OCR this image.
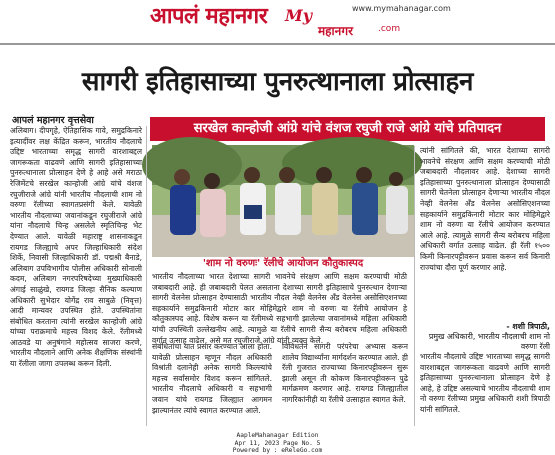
आपलं महानगर My	www.mymahanagar.com
महानगर	.com
सागरी इतिहासाच्या पुनरुत्थानाला प्रोत्साहन
आपलं महानगर वृत्तसेवा
सरखेल कान्होजी आंग्रे यांचे वंशज रघुजी राजे आंग्रे यांचे प्रतिपादन
अलिबाग। दीपगृहे, ऐतिहासिक गावे, समुद्रकिनारे इत्यादींवर लक्ष केंद्रित करून, भारतीय नौदलाचे उद्दिष्ट भारताच्या समृद्ध सागरी वारशाबद्दल जागरूकता वाढवणे आणि सागरी इतिहासाच्या पुनरुत्थानाला प्रोत्साहन देणे हे आहे असे मराठा रेजिमेंटचे सरखेल कान्होजी आंग्रे यांचे वंशज रघुजीराजे आंग्रे यांनी भारतीय नौदलाची शाम नो वरुणः रॅलीच्या स्वागतप्रसंगी केले. यावेळी भारतीय नौदलाच्या जवानांकडून रघुजीराजे आंग्रे यांना नौदलाचे चिन्ह असलेले स्मृतिचिन्ह भेट देण्यात आले. यावेळी महाराष्ट्र शासनाकडून रायगड जिल्ह्याचे अपर जिल्हाधिकारी संदेश शिर्के, निवासी जिल्हाधिकारी डॉ. पद्मश्री बैनाडे, अलिबाग उपविभागीय पोलीस अधिकारी सोनाली कदम, अलिबाग नगरपरिषदेच्या मुख्याधिकारी अंगाई साळुंखे, रायगड जिल्हा सैनिक कल्याण अधिकारी सुभेदार योगेंद्र राव साबुळे (निवृत्त) आदी मान्यवर उपस्थित होते. उपस्थितांना संबोधित करताना त्यांनी सरखेल कान्होजी आंग्रे यांच्या पराक्रमाचे महत्त्व विशद केले. रॅलीमध्ये आठवडे या अनुषंगाने महोत्सव साजरा करणे, भारतीय नौदलाने आणि अनेक शैक्षणिक संस्थांनी या रॅलीला जागा उपलब्ध करून दिली.
'शाम नो वरुणः' रॅलीचे आयोजन कौतुकास्पद
भारतीय नौदलाच्या भारत देशाच्या सागरी भावनेचे संरक्षण आणि सक्षम करण्याची मोठी जबाबदारी आहे. ही जबाबदारी पेलत असताना देशाच्या सागरी इतिहासाचे पुनरुत्थान देणाऱ्या सागरी वेलनेस प्रोत्साहन देण्यासाठी भारतीय नौदल नेव्ही वेलनेस अँड वेलनेस असोसिएशनच्या सहकार्याने समुद्रकिनारी मोटार कार मोहिमेद्वारे शाम नो वरुणः या रॅलीचे आयोजन हे कौतुकास्पद आहे. विशेष करून या रॅलीमध्ये सहभागी झालेल्या जवानांमध्ये महिला अधिकारी यांची उपस्थिती उल्लेखनीय आहे. त्यामुळे या रॅलीचे सागरी सैन्य बरोबरच महिला अधिकारी वर्गात उत्साह वाढेल, असे मत रघुजीराजे आंग्रे यांनी व्यक्त केले.
संबंधितांचा यात प्रसार करण्यात आला होता. यावेळी प्रोत्साहन म्हणून नौदल अधिकारी विश्रांती दलानेही अनेक सागरी किल्ल्यांचे महत्त्व सर्वांसमोर विशद करून सांगितले. भारतीय नौदलाचे अधिकारी व सहभागी जवान यांचे रायगड जिल्ह्यात आगमन झाल्यानंतर त्यांचे स्वागत करण्यात आले.
विविधतेने सागरी परंपरेचा अभ्यास करून शालेय विद्यार्थ्यांना मार्गदर्शन करण्यात आले. ही रॅली गुजरात राज्याच्या किनारपट्टीवरून सुरू झाली असून ती कोकण किनारपट्टीवरून पुढे मार्गक्रमण करणार आहे. रायगड जिल्ह्यातील नागरिकांनीही या रॅलीचे उत्साहात स्वागत केले.
त्यांनी सांगितले की, भारत देशाच्या सागरी भावनेचे संरक्षण आणि सक्षम करण्याची मोठी जबाबदारी नौदलावर आहे. देशाच्या सागरी इतिहासाच्या पुनरुत्थानाला प्रोत्साहन देण्यासाठी सागरी चेतनेला प्रोत्साहन देणाऱ्या भारतीय नौदल नेव्ही वेलनेस अँड वेलनेस असोसिएशनच्या सहकार्याने समुद्रकिनारी मोटार कार मोहिमेद्वारे शाम नो वरुणः या रॅलीचे आयोजन करण्यात आले आहे. त्यामुळे सागरी सैन्य बरोबरच महिला अधिकारी वर्गात उत्साह वाढेल. ही रॅली १५०० किमी किनारपट्टीवरून प्रवास करून सर्व किनारी राज्यांचा दौरा पूर्ण करणार आहे.
- शशी त्रिपाठी,
प्रमुख अधिकारी, भारतीय नौदलाची शाम नो वरुणः रॅली
भारतीय नौदलाचे उद्दिष्ट भारताच्या समृद्ध सागरी वारशाबद्दल जागरूकता वाढवणे आणि सागरी इतिहासाच्या पुनरुत्थानाला प्रोत्साहन देणे हे आहे, हे उद्दिष्ट असल्याचे भारतीय नौदलाची शाम नो वरुणः रॅलीच्या प्रमुख अधिकारी शशी त्रिपाठी यांनी सांगितले.
AapleMahanagar Edition
Apr 11, 2023 Page No. 5
Powered by : eReleGo.com
